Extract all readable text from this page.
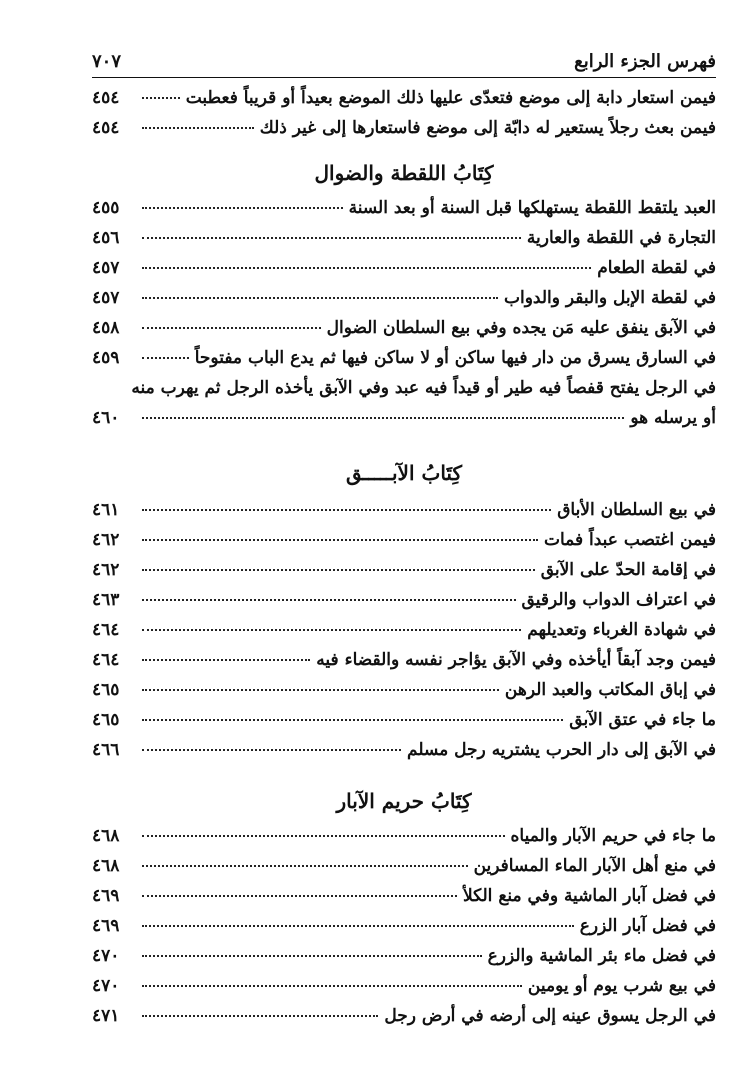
فهرس الجزء الرابع
٧٠٧
فيمن استعار دابة إلى موضع فتعدّى عليها ذلك الموضع بعيداً أو قريباً فعطبت
٤٥٤
فيمن بعث رجلاً يستعير له دابّة إلى موضع فاستعارها إلى غير ذلك
٤٥٤
كِتَابُ اللقطة والضوال
العبد يلتقط اللقطة يستهلكها قبل السنة أو بعد السنة
٤٥٥
التجارة في اللقطة والعارية
٤٥٦
في لقطة الطعام
٤٥٧
في لقطة الإبل والبقر والدواب
٤٥٧
في الآبق ينفق عليه مَن يجده وفي بيع السلطان الضوال
٤٥٨
في السارق يسرق من دار فيها ساكن أو لا ساكن فيها ثم يدع الباب مفتوحاً
٤٥٩
في الرجل يفتح قفصاً فيه طير أو قيداً فيه عبد وفي الآبق يأخذه الرجل ثم يهرب منه
أو يرسله هو
٤٦٠
كِتَابُ الآبـــــق
في بيع السلطان الأباق
٤٦١
فيمن اغتصب عبداً فمات
٤٦٢
في إقامة الحدّ على الآبق
٤٦٢
في اعتراف الدواب والرقيق
٤٦٣
في شهادة الغرباء وتعديلهم
٤٦٤
فيمن وجد آبقاً أيأخذه وفي الآبق يؤاجر نفسه والقضاء فيه
٤٦٤
في إباق المكاتب والعبد الرهن
٤٦٥
ما جاء في عتق الآبق
٤٦٥
في الآبق إلى دار الحرب يشتريه رجل مسلم
٤٦٦
كِتَابُ حريم الآبار
ما جاء في حريم الآبار والمياه
٤٦٨
في منع أهل الآبار الماء المسافرين
٤٦٨
في فضل آبار الماشية وفي منع الكلأ
٤٦٩
في فضل آبار الزرع
٤٦٩
في فضل ماء بئر الماشية والزرع
٤٧٠
في بيع شرب يوم أو يومين
٤٧٠
في الرجل يسوق عينه إلى أرضه في أرض رجل
٤٧١
